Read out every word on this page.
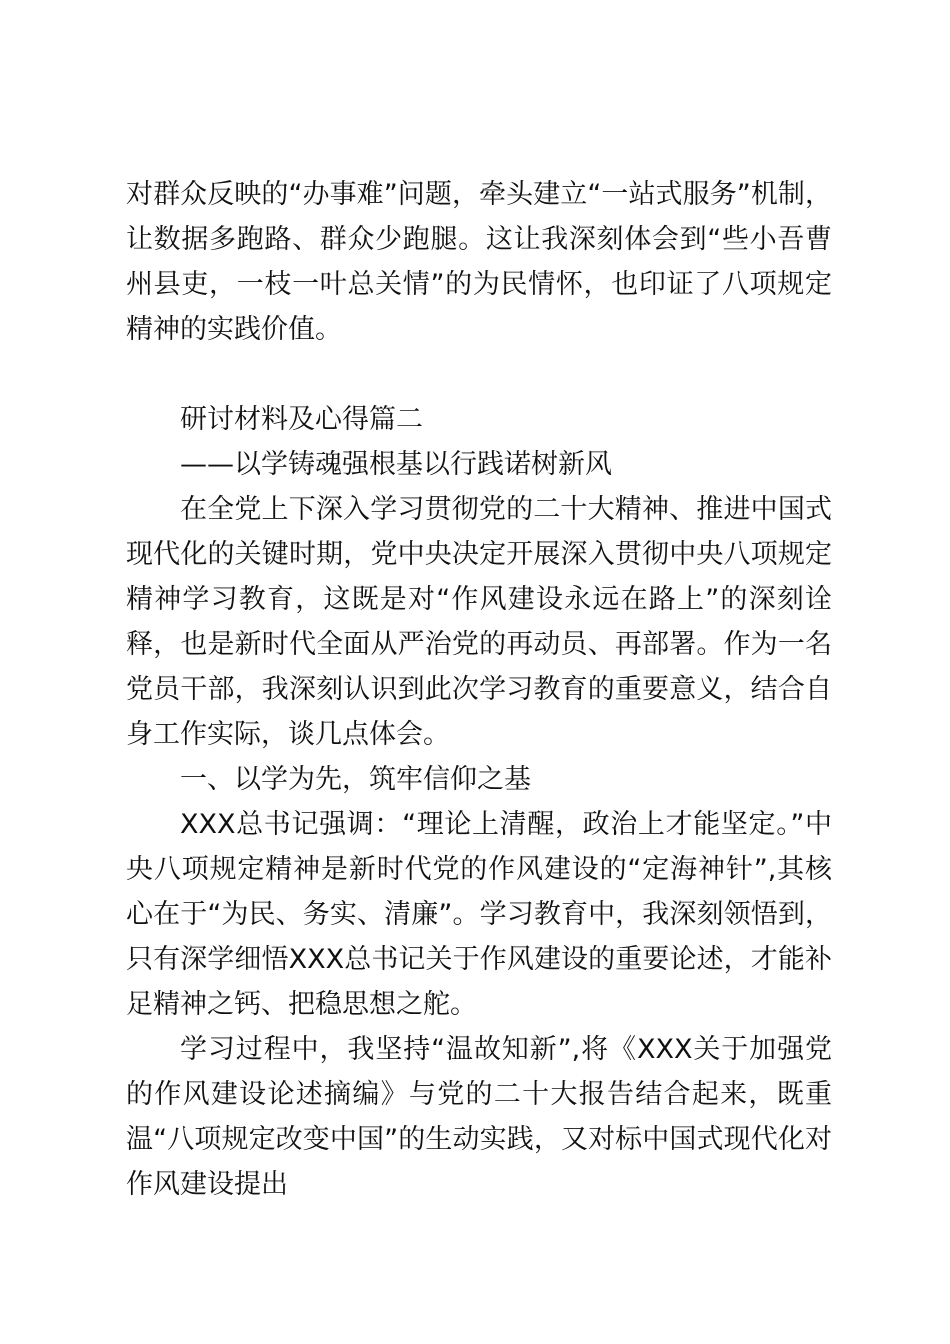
对群众反映的“办事难”问题，牵头建立“一站式服务”机制，让数据多跑路、群众少跑腿。这让我深刻体会到“些小吾曹州县吏，一枝一叶总关情”的为民情怀，也印证了八项规定精神的实践价值。

研讨材料及心得篇二

——以学铸魂强根基以行践诺树新风

在全党上下深入学习贯彻党的二十大精神、推进中国式现代化的关键时期，党中央决定开展深入贯彻中央八项规定精神学习教育，这既是对“作风建设永远在路上”的深刻诠释，也是新时代全面从严治党的再动员、再部署。作为一名党员干部，我深刻认识到此次学习教育的重要意义，结合自身工作实际，谈几点体会。

一、以学为先，筑牢信仰之基

XXX总书记强调：“理论上清醒，政治上才能坚定。”中央八项规定精神是新时代党的作风建设的“定海神针”,其核心在于“为民、务实、清廉”。学习教育中，我深刻领悟到，只有深学细悟XXX总书记关于作风建设的重要论述，才能补足精神之钙、把稳思想之舵。

学习过程中，我坚持“温故知新”,将《XXX关于加强党的作风建设论述摘编》与党的二十大报告结合起来，既重温“八项规定改变中国”的生动实践，又对标中国式现代化对作风建设提出
